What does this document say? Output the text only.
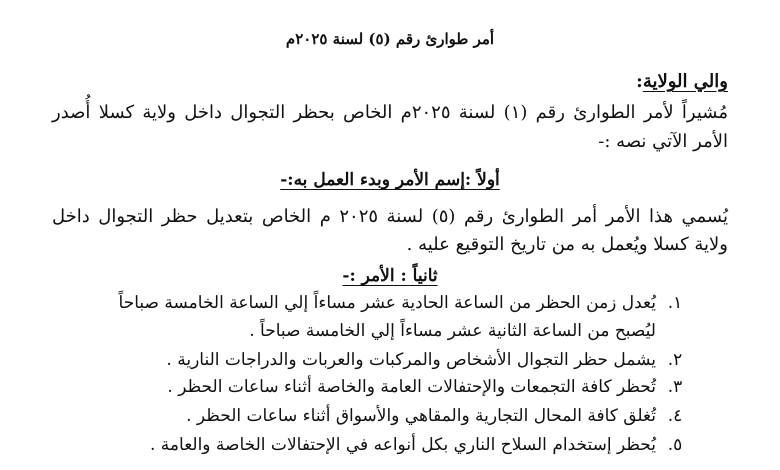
أمر طوارئ رقم (٥) لسنة ٢٠٢٥م
والي الولاية:
مُشيراً لأمر الطوارئ رقم (١) لسنة ٢٠٢٥م الخاص بحظر التجوال داخل ولاية كسلا أُصدر
الأمر الآتي نصه :-
أولاً :إسم الأمر وبدء العمل به:-
يُسمي هذا الأمر أمر الطوارئ رقم (٥) لسنة ٢٠٢٥ م الخاص بتعديل حظر التجوال داخل
ولاية كسلا ويُعمل به من تاريخ التوقيع عليه .
ثانياً : الأمر :-
١.
يُعدل زمن الحظر من الساعة الحادية عشر مساءاً إلي الساعة الخامسة صباحاً
ليُصبح من الساعة الثانية عشر مساءاً إلي الخامسة صباحاً .
٢.
يشمل حظر التجوال الأشخاص والمركبات والعربات والدراجات النارية .
٣.
تُحظر كافة التجمعات والإحتفالات العامة والخاصة أثناء ساعات الحظر .
٤.
تُغلق كافة المحال التجارية والمقاهي والأسواق أثناء ساعات الحظر .
٥.
يُحظر إستخدام السلاح الناري بكل أنواعه في الإحتفالات الخاصة والعامة .
